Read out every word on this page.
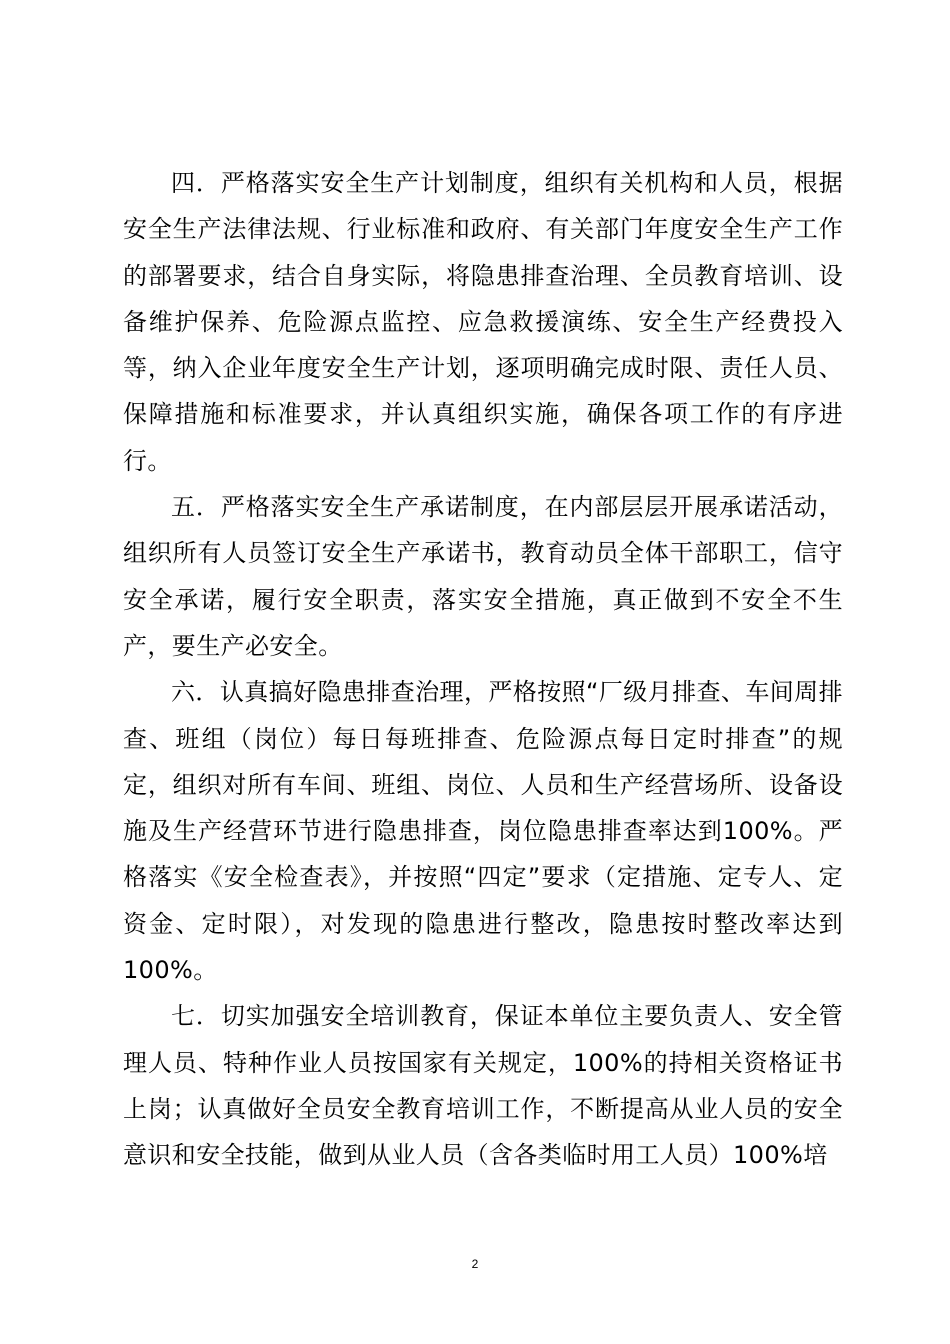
四．严格落实安全生产计划制度，组织有关机构和人员，根据安全生产法律法规、行业标准和政府、有关部门年度安全生产工作的部署要求，结合自身实际，将隐患排查治理、全员教育培训、设备维护保养、危险源点监控、应急救援演练、安全生产经费投入等，纳入企业年度安全生产计划，逐项明确完成时限、责任人员、保障措施和标准要求，并认真组织实施，确保各项工作的有序进行。

五．严格落实安全生产承诺制度，在内部层层开展承诺活动，组织所有人员签订安全生产承诺书，教育动员全体干部职工，信守安全承诺，履行安全职责，落实安全措施，真正做到不安全不生产，要生产必安全。

六．认真搞好隐患排查治理，严格按照“厂级月排查、车间周排查、班组（岗位）每日每班排查、危险源点每日定时排查”的规定，组织对所有车间、班组、岗位、人员和生产经营场所、设备设施及生产经营环节进行隐患排查，岗位隐患排查率达到100%。严格落实《安全检查表》，并按照“四定”要求（定措施、定专人、定资金、定时限），对发现的隐患进行整改，隐患按时整改率达到100%。

七．切实加强安全培训教育，保证本单位主要负责人、安全管理人员、特种作业人员按国家有关规定，100%的持相关资格证书上岗；认真做好全员安全教育培训工作，不断提高从业人员的安全意识和安全技能，做到从业人员（含各类临时用工人员）100%培

2
